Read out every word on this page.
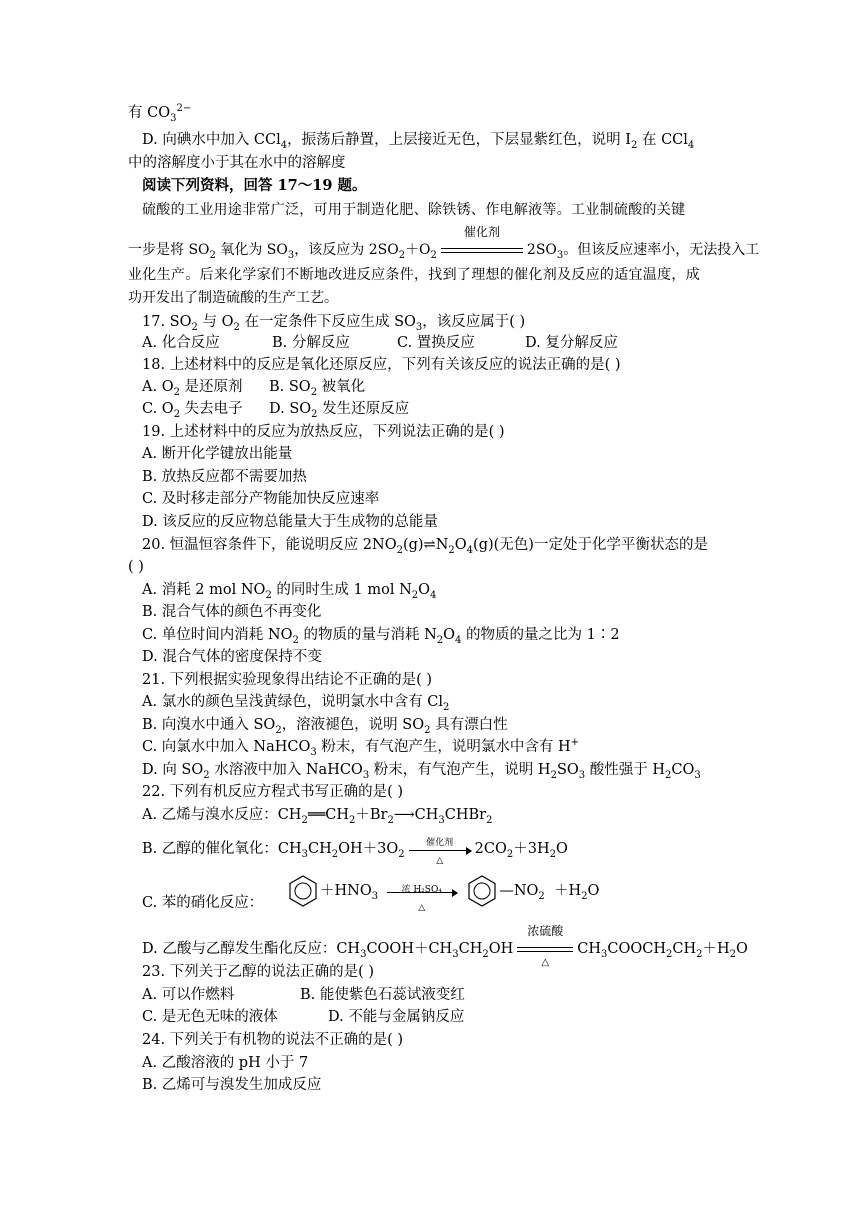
有 $CO_3^{2-}$
D. 向碘水中加入 CCl$_4$，振荡后静置，上层接近无色，下层显紫红色，说明 $I_2$ 在 CCl$_4$
中的溶解度小于其在水中的溶解度
阅读下列资料，回答 17～19 题。
硫酸的工业用途非常广泛，可用于制造化肥、除铁锈、作电解液等。工业制硫酸的关键
一步是将 $SO_2$ 氧化为 $SO_3$，该反应为 $2SO_2+O_2$
催化剂
$2SO_3$。但该反应速率小，无法投入工
业化生产。后来化学家们不断地改进反应条件，找到了理想的催化剂及反应的适宜温度，成
功开发出了制造硫酸的生产工艺。
17. $SO_2$ 与 $O_2$ 在一定条件下反应生成 $SO_3$，该反应属于( )
A. 化合反应	B. 分解反应	C. 置换反应	D. 复分解反应
18. 上述材料中的反应是氧化还原反应，下列有关该反应的说法正确的是( )
A. $O_2$ 是还原剂 B. $SO_2$ 被氧化
C. $O_2$ 失去电子 D. $SO_2$ 发生还原反应
19. 上述材料中的反应为放热反应，下列说法正确的是( )
A. 断开化学键放出能量
B. 放热反应都不需要加热
C. 及时移走部分产物能加快反应速率
D. 该反应的反应物总能量大于生成物的总能量
20. 恒温恒容条件下，能说明反应 $2NO_2(g)\rightleftharpoons N_2O_4(g)$(无色)一定处于化学平衡状态的是
( )
A. 消耗 2 mol $NO_2$ 的同时生成 1 mol $N_2O_4$
B. 混合气体的颜色不再变化
C. 单位时间内消耗 $NO_2$ 的物质的量与消耗 $N_2O_4$ 的物质的量之比为 1∶2
D. 混合气体的密度保持不变
21. 下列根据实验现象得出结论不正确的是( )
A. 氯水的颜色呈浅黄绿色，说明氯水中含有 $Cl_2$
B. 向溴水中通入 $SO_2$，溶液褪色，说明 $SO_2$ 具有漂白性
C. 向氯水中加入 NaHCO$_3$ 粉末，有气泡产生，说明氯水中含有 H+
D. 向 $SO_2$ 水溶液中加入 NaHCO$_3$ 粉末，有气泡产生，说明 $H_2SO_3$ 酸性强于 $H_2CO_3$
22. 下列有机反应方程式书写正确的是( )
A. 乙烯与溴水反应：$CH_2══CH_2+Br_2⟶CH_3CHBr_2$
B. 乙醇的催化氧化：$CH_3CH_2OH+3O_2$
催化剂
△
$2CO_2+3H_2O$
C. 苯的硝化反应：
$+HNO_3$
浓 H₂SO₄
△
$—NO_2 +H_2O$
D. 乙酸与乙醇发生酯化反应：$CH_3COOH+CH_3CH_2OH$
浓硫酸
△
$CH_3COOCH_2CH_2+H_2O$
23. 下列关于乙醇的说法正确的是( )
A. 可以作燃料	B. 能使紫色石蕊试液变红
C. 是无色无味的液体	D. 不能与金属钠反应
24. 下列关于有机物的说法不正确的是( )
A. 乙酸溶液的 pH 小于 7
B. 乙烯可与溴发生加成反应
